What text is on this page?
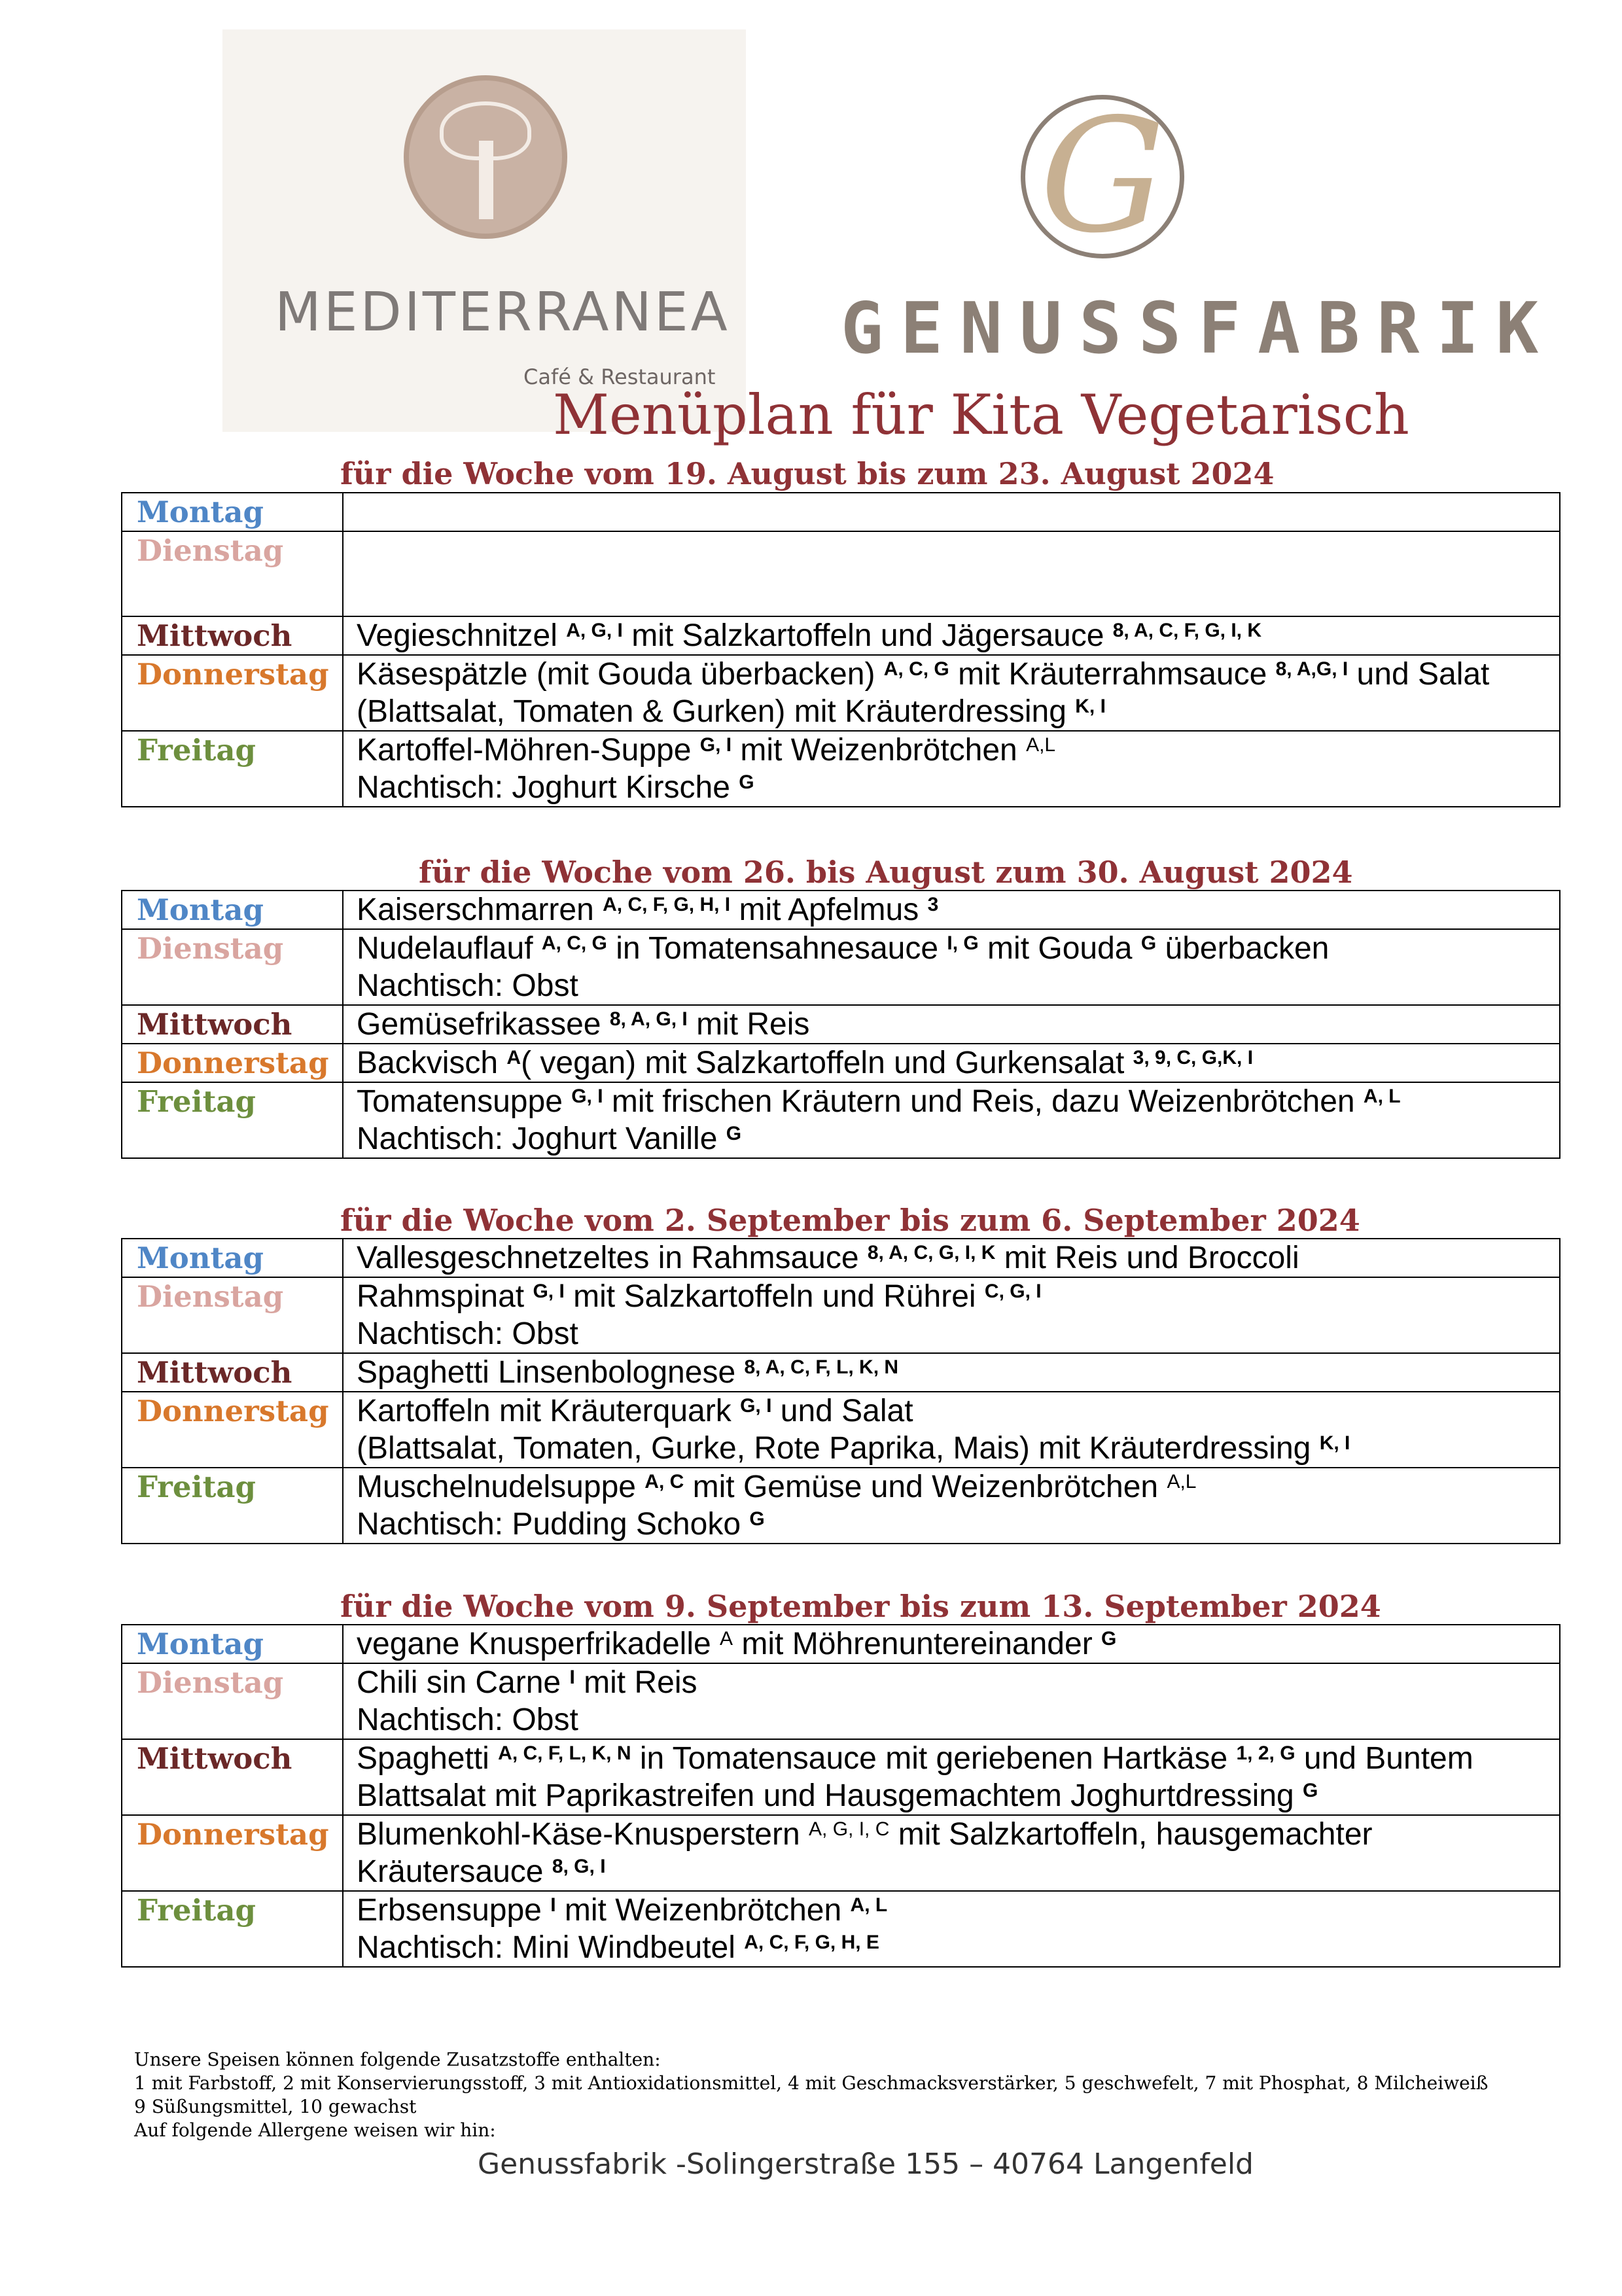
MEDITERRANEA
Café & Restaurant
G
GENUSSFABRIK
Menüplan für Kita Vegetarisch
für die Woche vom 19. August bis zum 23. August 2024
Montag	
Dienstag	
Mittwoch	Vegieschnitzel $^{A, G, I}$ mit Salzkartoffeln und Jägersauce $^{8, A, C, F, G, I, K}$

Donnerstag	Käsespätzle (mit Gouda überbacken) $^{A, C, G}$ mit Kräuterrahmsauce $^{8, A,G, I}$ und Salat
(Blattsalat, Tomaten & Gurken) mit Kräuterdressing $^{K, I}$

Freitag	Kartoffel-Möhren-Suppe $^{G, I}$ mit Weizenbrötchen $^{A,L}$
Nachtisch: Joghurt Kirsche $^G$
für die Woche vom 26. bis August zum 30. August 2024
Montag	Kaiserschmarren $^{A, C, F, G, H, I}$ mit Apfelmus $^3$

Dienstag	Nudelauflauf $^{A, C, G}$ in Tomatensahnesauce $^{I, G}$ mit Gouda $^G$ überbacken
Nachtisch: Obst

Mittwoch	Gemüsefrikassee $^{8, A, G, I}$ mit Reis

Donnerstag	Backvisch $^A$( vegan) mit Salzkartoffeln und Gurkensalat $^{3, 9, C, G,K, I}$

Freitag	Tomatensuppe $^{G, I}$ mit frischen Kräutern und Reis, dazu Weizenbrötchen $^{A, L}$
Nachtisch: Joghurt Vanille $^G$
für die Woche vom 2. September bis zum 6. September 2024
Montag	Vallesgeschnetzeltes in Rahmsauce $^{8, A, C, G, I, K}$ mit Reis und Broccoli

Dienstag	Rahmspinat $^{G, I}$ mit Salzkartoffeln und Rührei $^{C, G, I}$
Nachtisch: Obst

Mittwoch	Spaghetti Linsenbolognese $^{8, A, C, F, L, K, N}$

Donnerstag	Kartoffeln mit Kräuterquark $^{G, I}$ und Salat
(Blattsalat, Tomaten, Gurke, Rote Paprika, Mais) mit Kräuterdressing $^{K, I}$

Freitag	Muschelnudelsuppe $^{A, C}$ mit Gemüse und Weizenbrötchen $^{A,L}$
Nachtisch: Pudding Schoko $^G$
für die Woche vom 9. September bis zum 13. September 2024
Montag	vegane Knusperfrikadelle $^A$ mit Möhrenuntereinander $^G$

Dienstag	Chili sin Carne $^I$ mit Reis
Nachtisch: Obst

Mittwoch	Spaghetti $^{A, C, F, L, K, N}$ in Tomatensauce mit geriebenen Hartkäse $^{1, 2, G}$ und Buntem
Blattsalat mit Paprikastreifen und Hausgemachtem Joghurtdressing $^G$

Donnerstag	Blumenkohl-Käse-Knusperstern $^{A, G, I, C}$ mit Salzkartoffeln, hausgemachter
Kräutersauce $^{8, G, I}$

Freitag	Erbsensuppe $^I$ mit Weizenbrötchen $^{A, L}$
Nachtisch: Mini Windbeutel $^{A, C, F, G, H, E}$
Unsere Speisen können folgende Zusatzstoffe enthalten:
1 mit Farbstoff, 2 mit Konservierungsstoff, 3 mit Antioxidationsmittel, 4 mit Geschmacksverstärker, 5 geschwefelt, 7 mit Phosphat, 8 Milcheiweiß
9 Süßungsmittel, 10 gewachst
Auf folgende Allergene weisen wir hin:
Genussfabrik -Solingerstraße 155 – 40764 Langenfeld
